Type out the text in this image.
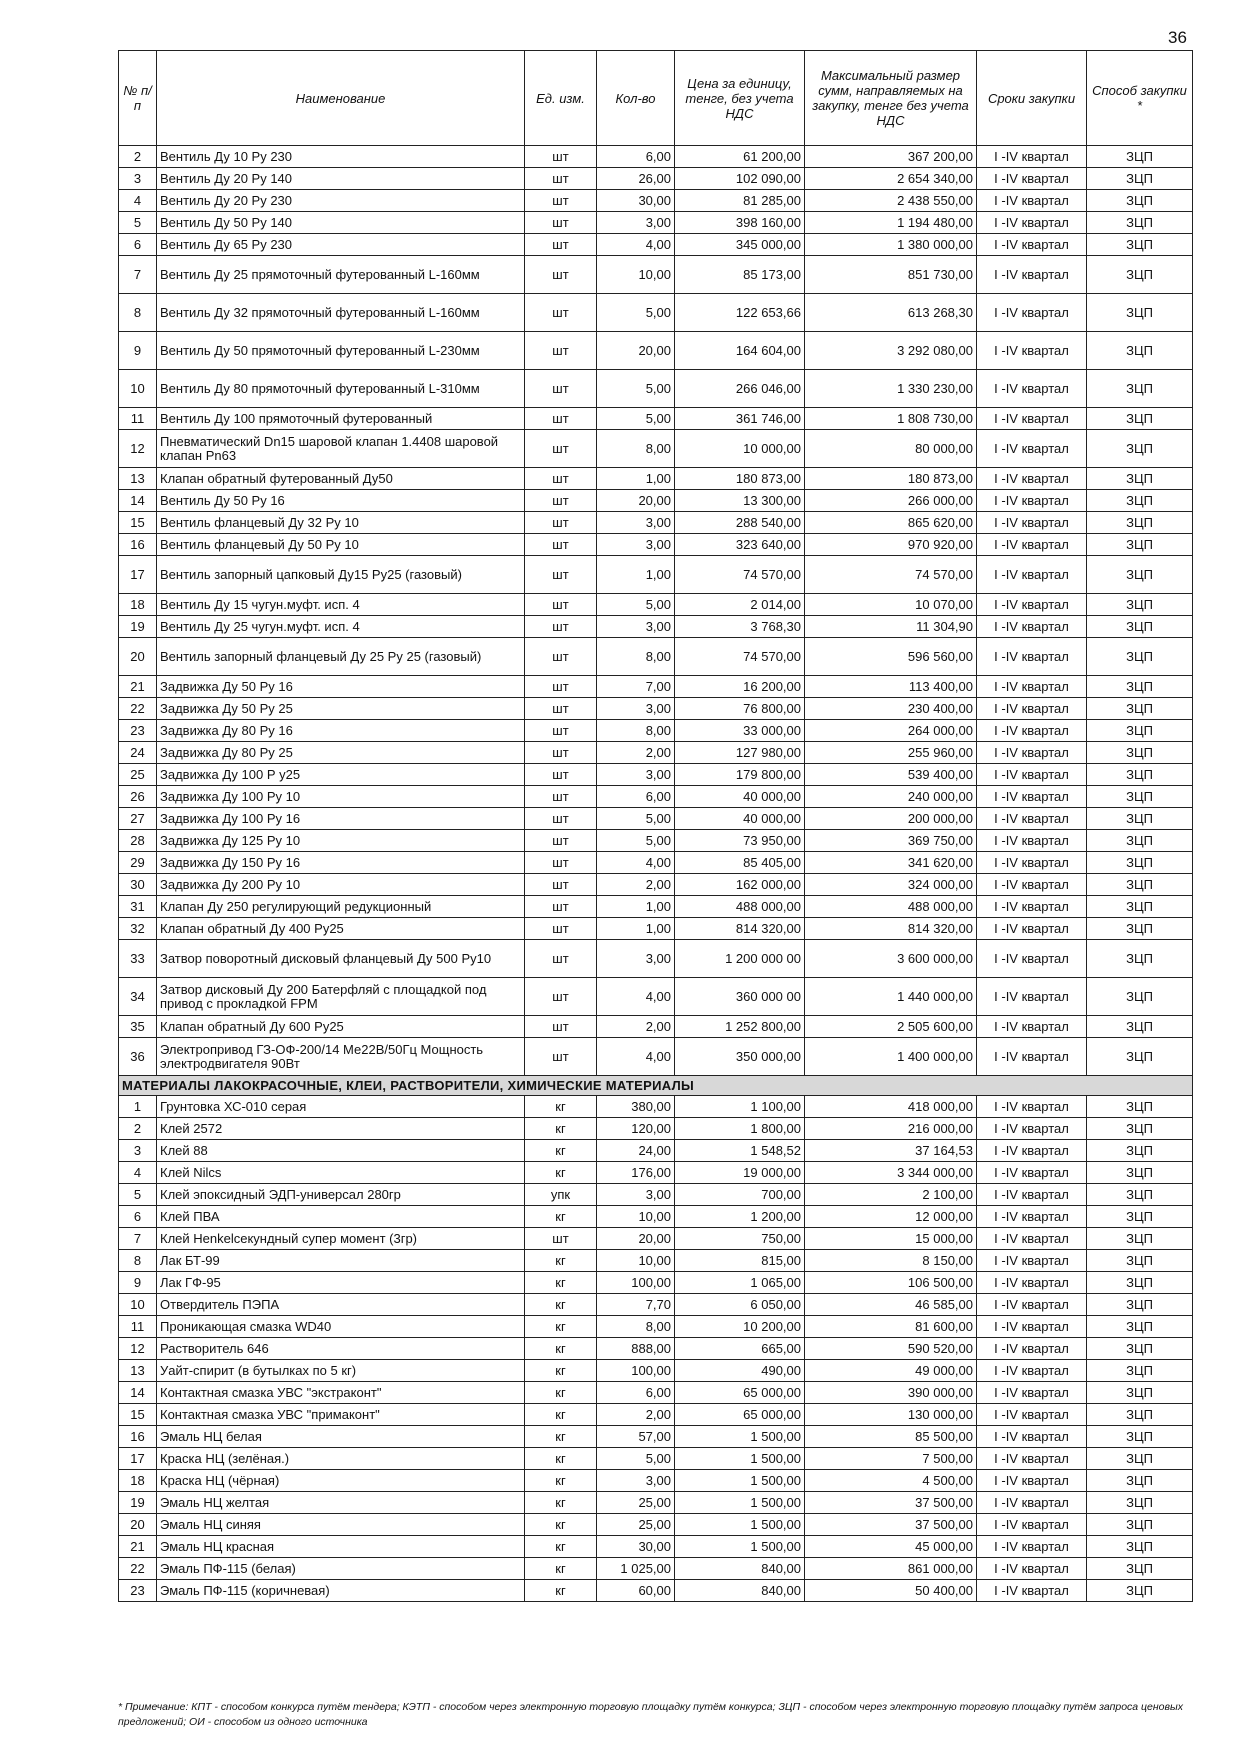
36
№ п/п	Наименование	Ед. изм.	Кол-во	Цена за единицу, тенге, без учета НДС	Максимальный размер сумм, направляемых на закупку, тенге без учета НДС	Сроки закупки	Способ закупки *
2	Вентиль Ду 10 Ру 230	шт	6,00	61 200,00	367 200,00	I -IV квартал	ЗЦП
3	Вентиль Ду 20 Ру 140	шт	26,00	102 090,00	2 654 340,00	I -IV квартал	ЗЦП
4	Вентиль Ду 20 Ру 230	шт	30,00	81 285,00	2 438 550,00	I -IV квартал	ЗЦП
5	Вентиль Ду 50 Ру 140	шт	3,00	398 160,00	1 194 480,00	I -IV квартал	ЗЦП
6	Вентиль Ду 65 Ру 230	шт	4,00	345 000,00	1 380 000,00	I -IV квартал	ЗЦП
7	Вентиль Ду 25 прямоточный футерованный L-160мм	шт	10,00	85 173,00	851 730,00	I -IV квартал	ЗЦП
8	Вентиль Ду 32 прямоточный футерованный L-160мм	шт	5,00	122 653,66	613 268,30	I -IV квартал	ЗЦП
9	Вентиль Ду 50 прямоточный футерованный L-230мм	шт	20,00	164 604,00	3 292 080,00	I -IV квартал	ЗЦП
10	Вентиль Ду 80 прямоточный футерованный L-310мм	шт	5,00	266 046,00	1 330 230,00	I -IV квартал	ЗЦП
11	Вентиль Ду 100 прямоточный футерованный	шт	5,00	361 746,00	1 808 730,00	I -IV квартал	ЗЦП
12	Пневматический Dn15 шаровой клапан 1.4408 шаровой клапан Pn63	шт	8,00	10 000,00	80 000,00	I -IV квартал	ЗЦП
13	Клапан обратный футерованный Ду50	шт	1,00	180 873,00	180 873,00	I -IV квартал	ЗЦП
14	Вентиль Ду 50 Ру 16	шт	20,00	13 300,00	266 000,00	I -IV квартал	ЗЦП
15	Вентиль фланцевый Ду 32 Ру 10	шт	3,00	288 540,00	865 620,00	I -IV квартал	ЗЦП
16	Вентиль фланцевый Ду 50 Ру 10	шт	3,00	323 640,00	970 920,00	I -IV квартал	ЗЦП
17	Вентиль запорный цапковый Ду15 Ру25 (газовый)	шт	1,00	74 570,00	74 570,00	I -IV квартал	ЗЦП
18	Вентиль Ду 15 чугун.муфт. исп. 4	шт	5,00	2 014,00	10 070,00	I -IV квартал	ЗЦП
19	Вентиль Ду 25 чугун.муфт. исп. 4	шт	3,00	3 768,30	11 304,90	I -IV квартал	ЗЦП
20	Вентиль запорный фланцевый Ду 25 Ру 25 (газовый)	шт	8,00	74 570,00	596 560,00	I -IV квартал	ЗЦП
21	Задвижка Ду 50 Ру 16	шт	7,00	16 200,00	113 400,00	I -IV квартал	ЗЦП
22	Задвижка Ду 50 Ру 25	шт	3,00	76 800,00	230 400,00	I -IV квартал	ЗЦП
23	Задвижка Ду 80 Ру 16	шт	8,00	33 000,00	264 000,00	I -IV квартал	ЗЦП
24	Задвижка Ду 80 Ру 25	шт	2,00	127 980,00	255 960,00	I -IV квартал	ЗЦП
25	Задвижка Ду 100 Р у25	шт	3,00	179 800,00	539 400,00	I -IV квартал	ЗЦП
26	Задвижка Ду 100 Ру 10	шт	6,00	40 000,00	240 000,00	I -IV квартал	ЗЦП
27	Задвижка Ду 100 Ру 16	шт	5,00	40 000,00	200 000,00	I -IV квартал	ЗЦП
28	Задвижка Ду 125 Ру 10	шт	5,00	73 950,00	369 750,00	I -IV квартал	ЗЦП
29	Задвижка Ду 150 Ру 16	шт	4,00	85 405,00	341 620,00	I -IV квартал	ЗЦП
30	Задвижка Ду 200 Ру 10	шт	2,00	162 000,00	324 000,00	I -IV квартал	ЗЦП
31	Клапан Ду 250 регулирующий редукционный	шт	1,00	488 000,00	488 000,00	I -IV квартал	ЗЦП
32	Клапан обратный Ду 400 Ру25	шт	1,00	814 320,00	814 320,00	I -IV квартал	ЗЦП
33	Затвор поворотный дисковый фланцевый Ду 500 Ру10	шт	3,00	1 200 000 00	3 600 000,00	I -IV квартал	ЗЦП
34	Затвор дисковый Ду 200 Батерфляй с площадкой под привод с прокладкой FPM	шт	4,00	360 000 00	1 440 000,00	I -IV квартал	ЗЦП
35	Клапан обратный Ду 600 Ру25	шт	2,00	1 252 800,00	2 505 600,00	I -IV квартал	ЗЦП
36	Электропривод ГЗ-ОФ-200/14 Ме22В/50Гц Мощность электродвигателя 90Вт	шт	4,00	350 000,00	1 400 000,00	I -IV квартал	ЗЦП
МАТЕРИАЛЫ ЛАКОКРАСОЧНЫЕ, КЛЕИ, РАСТВОРИТЕЛИ, ХИМИЧЕСКИЕ МАТЕРИАЛЫ							
1	Грунтовка ХС-010 серая	кг	380,00	1 100,00	418 000,00	I -IV квартал	ЗЦП
2	Клей 2572	кг	120,00	1 800,00	216 000,00	I -IV квартал	ЗЦП
3	Клей 88	кг	24,00	1 548,52	37 164,53	I -IV квартал	ЗЦП
4	Клей Nilcs	кг	176,00	19 000,00	3 344 000,00	I -IV квартал	ЗЦП
5	Клей эпоксидный ЭДП-универсал 280гр	упк	3,00	700,00	2 100,00	I -IV квартал	ЗЦП
6	Клей ПВА	кг	10,00	1 200,00	12 000,00	I -IV квартал	ЗЦП
7	Клей Henkelсекундный супер момент (3гр)	шт	20,00	750,00	15 000,00	I -IV квартал	ЗЦП
8	Лак БТ-99	кг	10,00	815,00	8 150,00	I -IV квартал	ЗЦП
9	Лак ГФ-95	кг	100,00	1 065,00	106 500,00	I -IV квартал	ЗЦП
10	Отвердитель ПЭПА	кг	7,70	6 050,00	46 585,00	I -IV квартал	ЗЦП
11	Проникающая смазка WD40	кг	8,00	10 200,00	81 600,00	I -IV квартал	ЗЦП
12	Растворитель 646	кг	888,00	665,00	590 520,00	I -IV квартал	ЗЦП
13	Уайт-спирит (в бутылках по 5 кг)	кг	100,00	490,00	49 000,00	I -IV квартал	ЗЦП
14	Контактная смазка УВС "экстраконт"	кг	6,00	65 000,00	390 000,00	I -IV квартал	ЗЦП
15	Контактная смазка УВС "примаконт"	кг	2,00	65 000,00	130 000,00	I -IV квартал	ЗЦП
16	Эмаль НЦ белая	кг	57,00	1 500,00	85 500,00	I -IV квартал	ЗЦП
17	Краска НЦ (зелёная.)	кг	5,00	1 500,00	7 500,00	I -IV квартал	ЗЦП
18	Краска НЦ (чёрная)	кг	3,00	1 500,00	4 500,00	I -IV квартал	ЗЦП
19	Эмаль НЦ желтая	кг	25,00	1 500,00	37 500,00	I -IV квартал	ЗЦП
20	Эмаль НЦ синяя	кг	25,00	1 500,00	37 500,00	I -IV квартал	ЗЦП
21	Эмаль НЦ красная	кг	30,00	1 500,00	45 000,00	I -IV квартал	ЗЦП
22	Эмаль ПФ-115 (белая)	кг	1 025,00	840,00	861 000,00	I -IV квартал	ЗЦП
23	Эмаль ПФ-115 (коричневая)	кг	60,00	840,00	50 400,00	I -IV квартал	ЗЦП
* Примечание: КПТ - способом конкурса путём тендера; КЭТП - способом через электронную торговую площадку путём конкурса; ЗЦП - способом через электронную торговую площадку путём запроса ценовых предложений; ОИ - способом из одного источника
